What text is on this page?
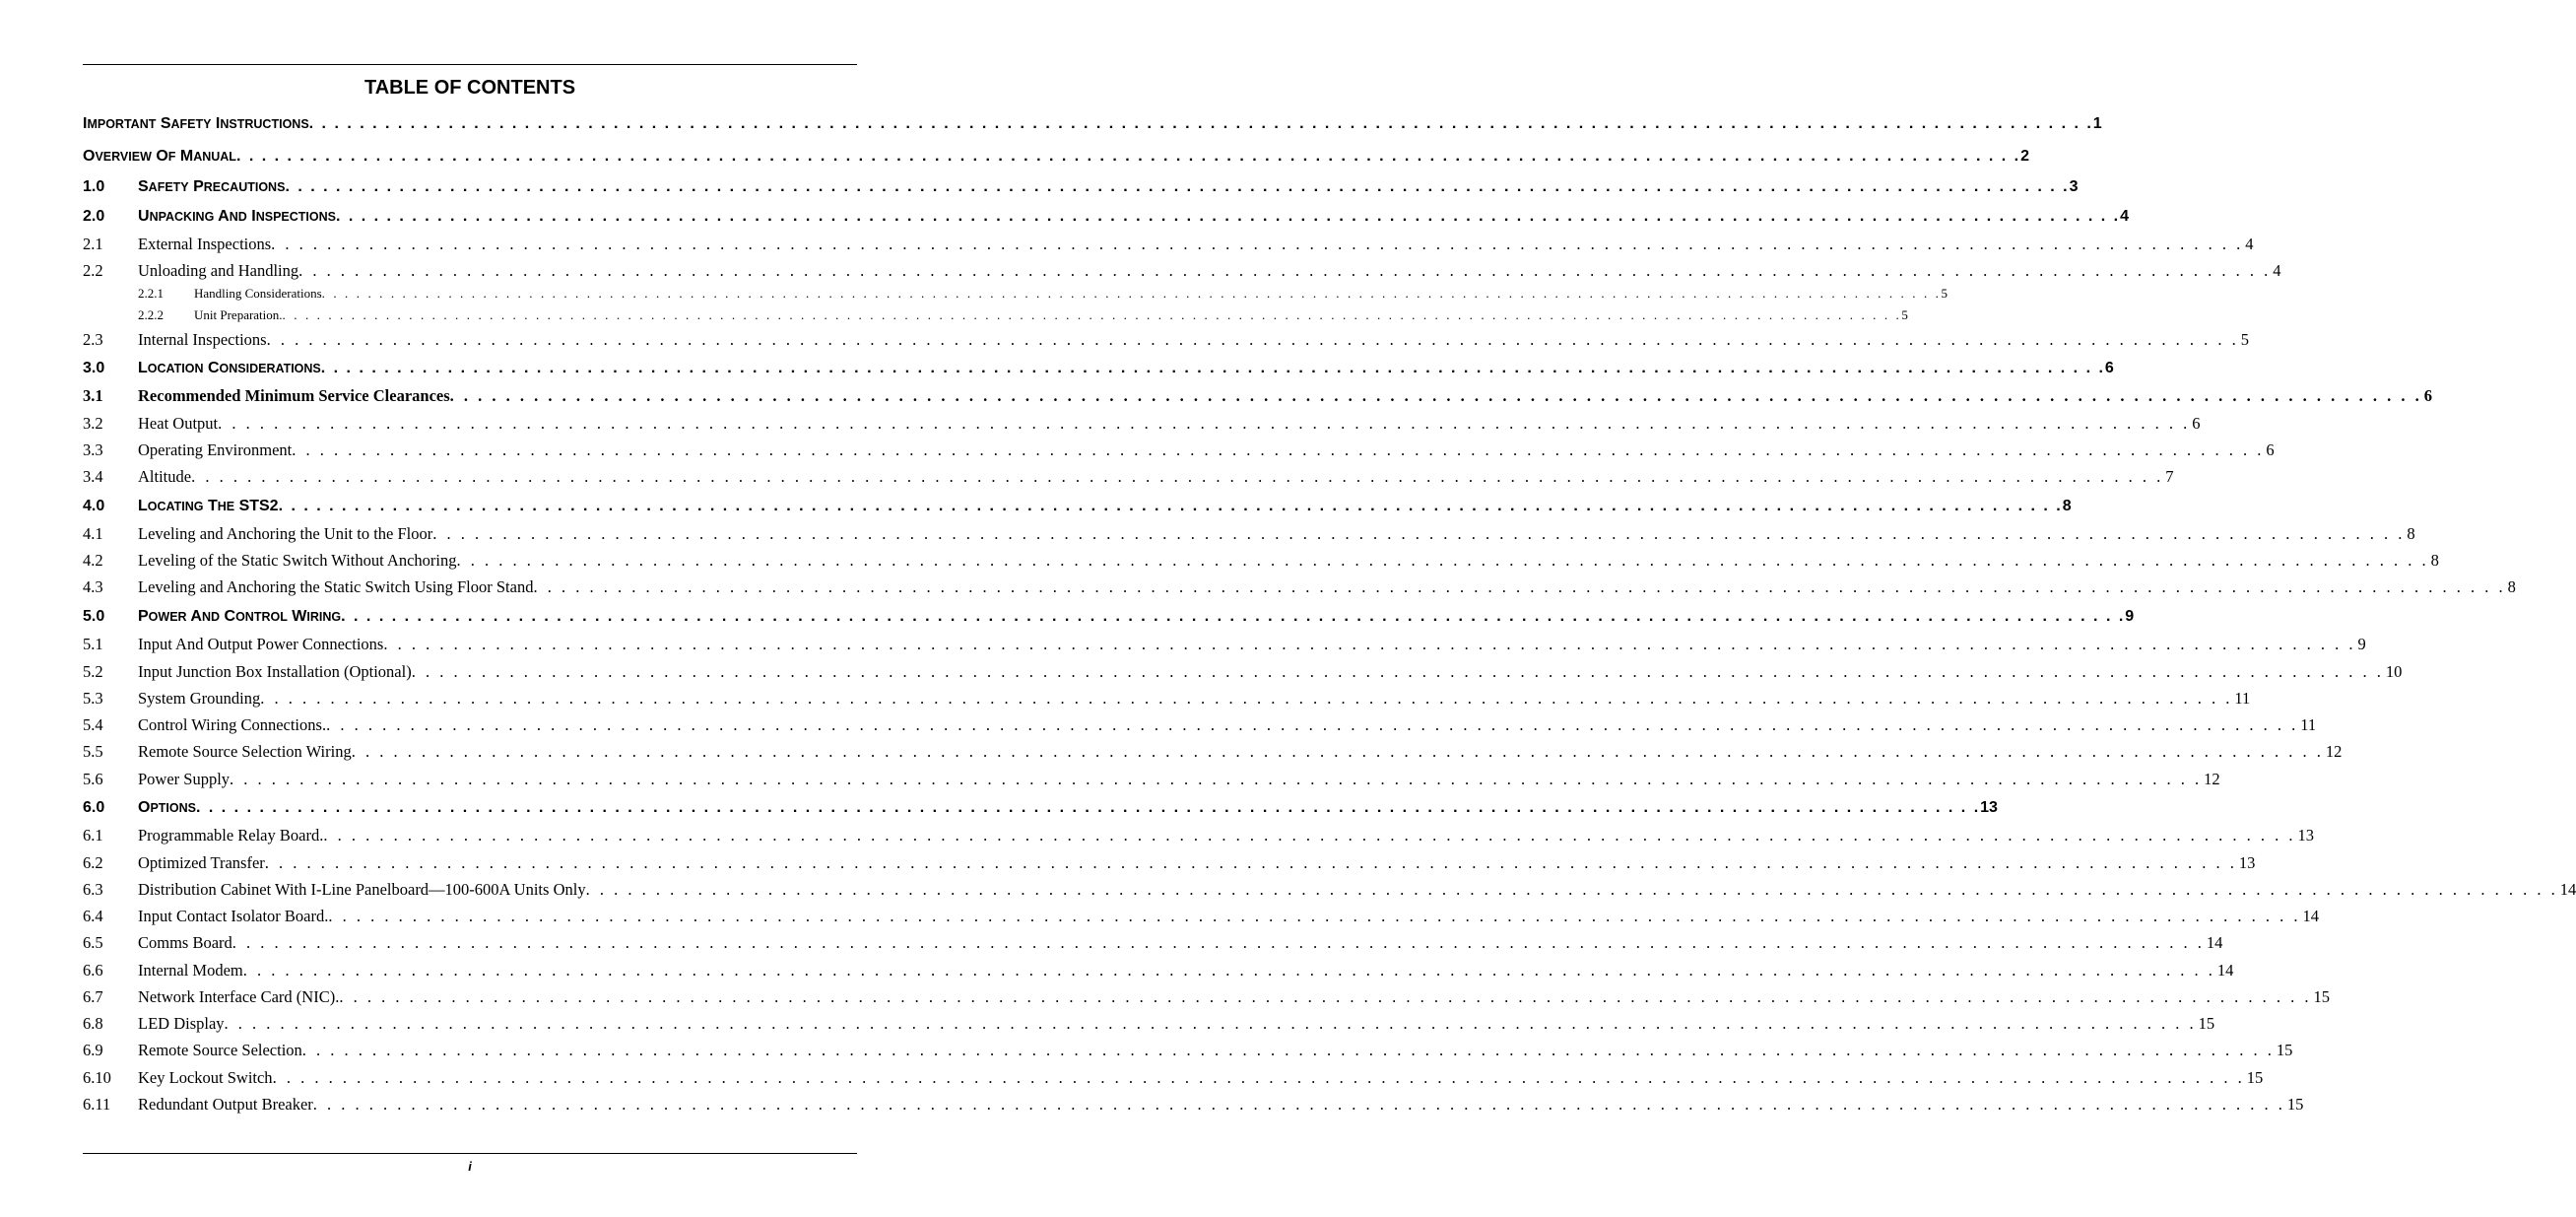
TABLE OF CONTENTS
IMPORTANT SAFETY INSTRUCTIONS . . . . . . . . . . . . . . . . . . . . . . . . . . . . . . . . . . . . . . . . . . . . . . . . . . . . . . . . . . . . . . . . . . . . . . . . . . . . . . . . . . . . . . . . . . . . . . . . . . . . . . . . . . . . . . . . . . . . . . . . . . . . . . . . . . . . . . . . . . . . . 1
OVERVIEW OF MANUAL . . . . . . . . . . . . . . . . . . . . . . . . . . . . . . . . . . . . . . . . . . . . . . . . . . . . . . . . . . . . . . . . . . . . . . . . . . . . . . . . . . . . . . . . . . . . . . . . . . . . . . . . . . . . . . . . . . . . . . . . . . . . . . . . . . . . . . . . . . . . . 2
1.0	SAFETY PRECAUTIONS . . . . . . . . . . . . . . . . . . . . . . . . . . . . . . . . . . . . . . . . . . . . . . . . . . . . . . . . . . . . . . . . . . . . . . . . . . . . . . . . . . . . . . . . . . . . . . . . . . . . . . . . . . . . . . . . . . . . . . . . . . . . . . . . . . . . . . . . . . . . . 3
2.0	UNPACKING AND INSPECTIONS . . . . . . . . . . . . . . . . . . . . . . . . . . . . . . . . . . . . . . . . . . . . . . . . . . . . . . . . . . . . . . . . . . . . . . . . . . . . . . . . . . . . . . . . . . . . . . . . . . . . . . . . . . . . . . . . . . . . . . . . . . . . . . . . . . . . . . . . . . . . . 4
2.1	External Inspections . . . . . . . . . . . . . . . . . . . . . . . . . . . . . . . . . . . . . . . . . . . . . . . . . . . . . . . . . . . . . . . . . . . . . . . . . . . . . . . . . . . . . . . . . . . . . . . . . . . . . . . . . . . . . . . . . . . . . . . . . . . . . . . . . . . . . . . . . . . . . 4
2.2	Unloading and Handling . . . . . . . . . . . . . . . . . . . . . . . . . . . . . . . . . . . . . . . . . . . . . . . . . . . . . . . . . . . . . . . . . . . . . . . . . . . . . . . . . . . . . . . . . . . . . . . . . . . . . . . . . . . . . . . . . . . . . . . . . . . . . . . . . . . . . . . . . . . . . 4
2.2.1	Handling Considerations . . . . . . . . . . . . . . . . . . . . . . . . . . . . . . . . . . . . . . . . . . . . . . . . . . . . . . . . . . . . . . . . . . . . . . . . . . . . . . . . . . . . . . . . . . . . . . . . . . . . . . . . . . . . . . . . . . . . . . . . . . . . . . . . . . . . . . . . . . . . . 5
2.2.2	Unit Preparation. . . . . . . . . . . . . . . . . . . . . . . . . . . . . . . . . . . . . . . . . . . . . . . . . . . . . . . . . . . . . . . . . . . . . . . . . . . . . . . . . . . . . . . . . . . . . . . . . . . . . . . . . . . . . . . . . . . . . . . . . . . . . . . . . . . . . . . . . . . . . . 5
2.3	Internal Inspections . . . . . . . . . . . . . . . . . . . . . . . . . . . . . . . . . . . . . . . . . . . . . . . . . . . . . . . . . . . . . . . . . . . . . . . . . . . . . . . . . . . . . . . . . . . . . . . . . . . . . . . . . . . . . . . . . . . . . . . . . . . . . . . . . . . . . . . . . . . . . 5
3.0	LOCATION CONSIDERATIONS . . . . . . . . . . . . . . . . . . . . . . . . . . . . . . . . . . . . . . . . . . . . . . . . . . . . . . . . . . . . . . . . . . . . . . . . . . . . . . . . . . . . . . . . . . . . . . . . . . . . . . . . . . . . . . . . . . . . . . . . . . . . . . . . . . . . . . . . . . . . . 6
3.1	Recommended Minimum Service Clearances . . . . . . . . . . . . . . . . . . . . . . . . . . . . . . . . . . . . . . . . . . . . . . . . . . . . . . . . . . . . . . . . . . . . . . . . . . . . . . . . . . . . . . . . . . . . . . . . . . . . . . . . . . . . . . . . . . . . . . . . . . . . . . . . . . . . . . . . . . . . . 6
3.2	Heat Output . . . . . . . . . . . . . . . . . . . . . . . . . . . . . . . . . . . . . . . . . . . . . . . . . . . . . . . . . . . . . . . . . . . . . . . . . . . . . . . . . . . . . . . . . . . . . . . . . . . . . . . . . . . . . . . . . . . . . . . . . . . . . . . . . . . . . . . . . . . . . 6
3.3	Operating Environment . . . . . . . . . . . . . . . . . . . . . . . . . . . . . . . . . . . . . . . . . . . . . . . . . . . . . . . . . . . . . . . . . . . . . . . . . . . . . . . . . . . . . . . . . . . . . . . . . . . . . . . . . . . . . . . . . . . . . . . . . . . . . . . . . . . . . . . . . . . . . 6
3.4	Altitude . . . . . . . . . . . . . . . . . . . . . . . . . . . . . . . . . . . . . . . . . . . . . . . . . . . . . . . . . . . . . . . . . . . . . . . . . . . . . . . . . . . . . . . . . . . . . . . . . . . . . . . . . . . . . . . . . . . . . . . . . . . . . . . . . . . . . . . . . . . . . 7
4.0	LOCATING THE STS2 . . . . . . . . . . . . . . . . . . . . . . . . . . . . . . . . . . . . . . . . . . . . . . . . . . . . . . . . . . . . . . . . . . . . . . . . . . . . . . . . . . . . . . . . . . . . . . . . . . . . . . . . . . . . . . . . . . . . . . . . . . . . . . . . . . . . . . . . . . . . . 8
4.1	Leveling and Anchoring the Unit to the Floor . . . . . . . . . . . . . . . . . . . . . . . . . . . . . . . . . . . . . . . . . . . . . . . . . . . . . . . . . . . . . . . . . . . . . . . . . . . . . . . . . . . . . . . . . . . . . . . . . . . . . . . . . . . . . . . . . . . . . . . . . . . . . . . . . . . . . . . . . . . . . 8
4.2	Leveling of the Static Switch Without Anchoring . . . . . . . . . . . . . . . . . . . . . . . . . . . . . . . . . . . . . . . . . . . . . . . . . . . . . . . . . . . . . . . . . . . . . . . . . . . . . . . . . . . . . . . . . . . . . . . . . . . . . . . . . . . . . . . . . . . . . . . . . . . . . . . . . . . . . . . . . . . . . 8
4.3	Leveling and Anchoring the Static Switch Using Floor Stand . . . . . . . . . . . . . . . . . . . . . . . . . . . . . . . . . . . . . . . . . . . . . . . . . . . . . . . . . . . . . . . . . . . . . . . . . . . . . . . . . . . . . . . . . . . . . . . . . . . . . . . . . . . . . . . . . . . . . . . . . . . . . . . . . . . . . . . . . . . . . 8
5.0	POWER AND CONTROL WIRING . . . . . . . . . . . . . . . . . . . . . . . . . . . . . . . . . . . . . . . . . . . . . . . . . . . . . . . . . . . . . . . . . . . . . . . . . . . . . . . . . . . . . . . . . . . . . . . . . . . . . . . . . . . . . . . . . . . . . . . . . . . . . . . . . . . . . . . . . . . . . 9
5.1	Input And Output Power Connections . . . . . . . . . . . . . . . . . . . . . . . . . . . . . . . . . . . . . . . . . . . . . . . . . . . . . . . . . . . . . . . . . . . . . . . . . . . . . . . . . . . . . . . . . . . . . . . . . . . . . . . . . . . . . . . . . . . . . . . . . . . . . . . . . . . . . . . . . . . . . 9
5.2	Input Junction Box Installation (Optional) . . . . . . . . . . . . . . . . . . . . . . . . . . . . . . . . . . . . . . . . . . . . . . . . . . . . . . . . . . . . . . . . . . . . . . . . . . . . . . . . . . . . . . . . . . . . . . . . . . . . . . . . . . . . . . . . . . . . . . . . . . . . . . . . . . . . . . . . . . . . . 10
5.3	System Grounding . . . . . . . . . . . . . . . . . . . . . . . . . . . . . . . . . . . . . . . . . . . . . . . . . . . . . . . . . . . . . . . . . . . . . . . . . . . . . . . . . . . . . . . . . . . . . . . . . . . . . . . . . . . . . . . . . . . . . . . . . . . . . . . . . . . . . . . . . . . . . 11
5.4	Control Wiring Connections. . . . . . . . . . . . . . . . . . . . . . . . . . . . . . . . . . . . . . . . . . . . . . . . . . . . . . . . . . . . . . . . . . . . . . . . . . . . . . . . . . . . . . . . . . . . . . . . . . . . . . . . . . . . . . . . . . . . . . . . . . . . . . . . . . . . . . . . . . . . . . 11
5.5	Remote Source Selection Wiring . . . . . . . . . . . . . . . . . . . . . . . . . . . . . . . . . . . . . . . . . . . . . . . . . . . . . . . . . . . . . . . . . . . . . . . . . . . . . . . . . . . . . . . . . . . . . . . . . . . . . . . . . . . . . . . . . . . . . . . . . . . . . . . . . . . . . . . . . . . . . 12
5.6	Power Supply . . . . . . . . . . . . . . . . . . . . . . . . . . . . . . . . . . . . . . . . . . . . . . . . . . . . . . . . . . . . . . . . . . . . . . . . . . . . . . . . . . . . . . . . . . . . . . . . . . . . . . . . . . . . . . . . . . . . . . . . . . . . . . . . . . . . . . . . . . . . . 12
6.0	OPTIONS . . . . . . . . . . . . . . . . . . . . . . . . . . . . . . . . . . . . . . . . . . . . . . . . . . . . . . . . . . . . . . . . . . . . . . . . . . . . . . . . . . . . . . . . . . . . . . . . . . . . . . . . . . . . . . . . . . . . . . . . . . . . . . . . . . . . . . . . . . . . . 13
6.1	Programmable Relay Board. . . . . . . . . . . . . . . . . . . . . . . . . . . . . . . . . . . . . . . . . . . . . . . . . . . . . . . . . . . . . . . . . . . . . . . . . . . . . . . . . . . . . . . . . . . . . . . . . . . . . . . . . . . . . . . . . . . . . . . . . . . . . . . . . . . . . . . . . . . . . . 13
6.2	Optimized Transfer . . . . . . . . . . . . . . . . . . . . . . . . . . . . . . . . . . . . . . . . . . . . . . . . . . . . . . . . . . . . . . . . . . . . . . . . . . . . . . . . . . . . . . . . . . . . . . . . . . . . . . . . . . . . . . . . . . . . . . . . . . . . . . . . . . . . . . . . . . . . . 13
6.3	Distribution Cabinet With I-Line Panelboard—100-600A Units Only . . . . . . . . . . . . . . . . . . . . . . . . . . . . . . . . . . . . . . . . . . . . . . . . . . . . . . . . . . . . . . . . . . . . . . . . . . . . . . . . . . . . . . . . . . . . . . . . . . . . . . . . . . . . . . . . . . . . . . . . . . . . . . . . . . . . . . . . . . . . . 14
6.4	Input Contact Isolator Board. . . . . . . . . . . . . . . . . . . . . . . . . . . . . . . . . . . . . . . . . . . . . . . . . . . . . . . . . . . . . . . . . . . . . . . . . . . . . . . . . . . . . . . . . . . . . . . . . . . . . . . . . . . . . . . . . . . . . . . . . . . . . . . . . . . . . . . . . . . . . . 14
6.5	Comms Board . . . . . . . . . . . . . . . . . . . . . . . . . . . . . . . . . . . . . . . . . . . . . . . . . . . . . . . . . . . . . . . . . . . . . . . . . . . . . . . . . . . . . . . . . . . . . . . . . . . . . . . . . . . . . . . . . . . . . . . . . . . . . . . . . . . . . . . . . . . . . 14
6.6	Internal Modem . . . . . . . . . . . . . . . . . . . . . . . . . . . . . . . . . . . . . . . . . . . . . . . . . . . . . . . . . . . . . . . . . . . . . . . . . . . . . . . . . . . . . . . . . . . . . . . . . . . . . . . . . . . . . . . . . . . . . . . . . . . . . . . . . . . . . . . . . . . . . 14
6.7	Network Interface Card (NIC). . . . . . . . . . . . . . . . . . . . . . . . . . . . . . . . . . . . . . . . . . . . . . . . . . . . . . . . . . . . . . . . . . . . . . . . . . . . . . . . . . . . . . . . . . . . . . . . . . . . . . . . . . . . . . . . . . . . . . . . . . . . . . . . . . . . . . . . . . . . . . 15
6.8	LED Display . . . . . . . . . . . . . . . . . . . . . . . . . . . . . . . . . . . . . . . . . . . . . . . . . . . . . . . . . . . . . . . . . . . . . . . . . . . . . . . . . . . . . . . . . . . . . . . . . . . . . . . . . . . . . . . . . . . . . . . . . . . . . . . . . . . . . . . . . . . . . 15
6.9	Remote Source Selection . . . . . . . . . . . . . . . . . . . . . . . . . . . . . . . . . . . . . . . . . . . . . . . . . . . . . . . . . . . . . . . . . . . . . . . . . . . . . . . . . . . . . . . . . . . . . . . . . . . . . . . . . . . . . . . . . . . . . . . . . . . . . . . . . . . . . . . . . . . . . 15
6.10	Key Lockout Switch . . . . . . . . . . . . . . . . . . . . . . . . . . . . . . . . . . . . . . . . . . . . . . . . . . . . . . . . . . . . . . . . . . . . . . . . . . . . . . . . . . . . . . . . . . . . . . . . . . . . . . . . . . . . . . . . . . . . . . . . . . . . . . . . . . . . . . . . . . . . . 15
6.11	Redundant Output Breaker . . . . . . . . . . . . . . . . . . . . . . . . . . . . . . . . . . . . . . . . . . . . . . . . . . . . . . . . . . . . . . . . . . . . . . . . . . . . . . . . . . . . . . . . . . . . . . . . . . . . . . . . . . . . . . . . . . . . . . . . . . . . . . . . . . . . . . . . . . . . . 15
i
